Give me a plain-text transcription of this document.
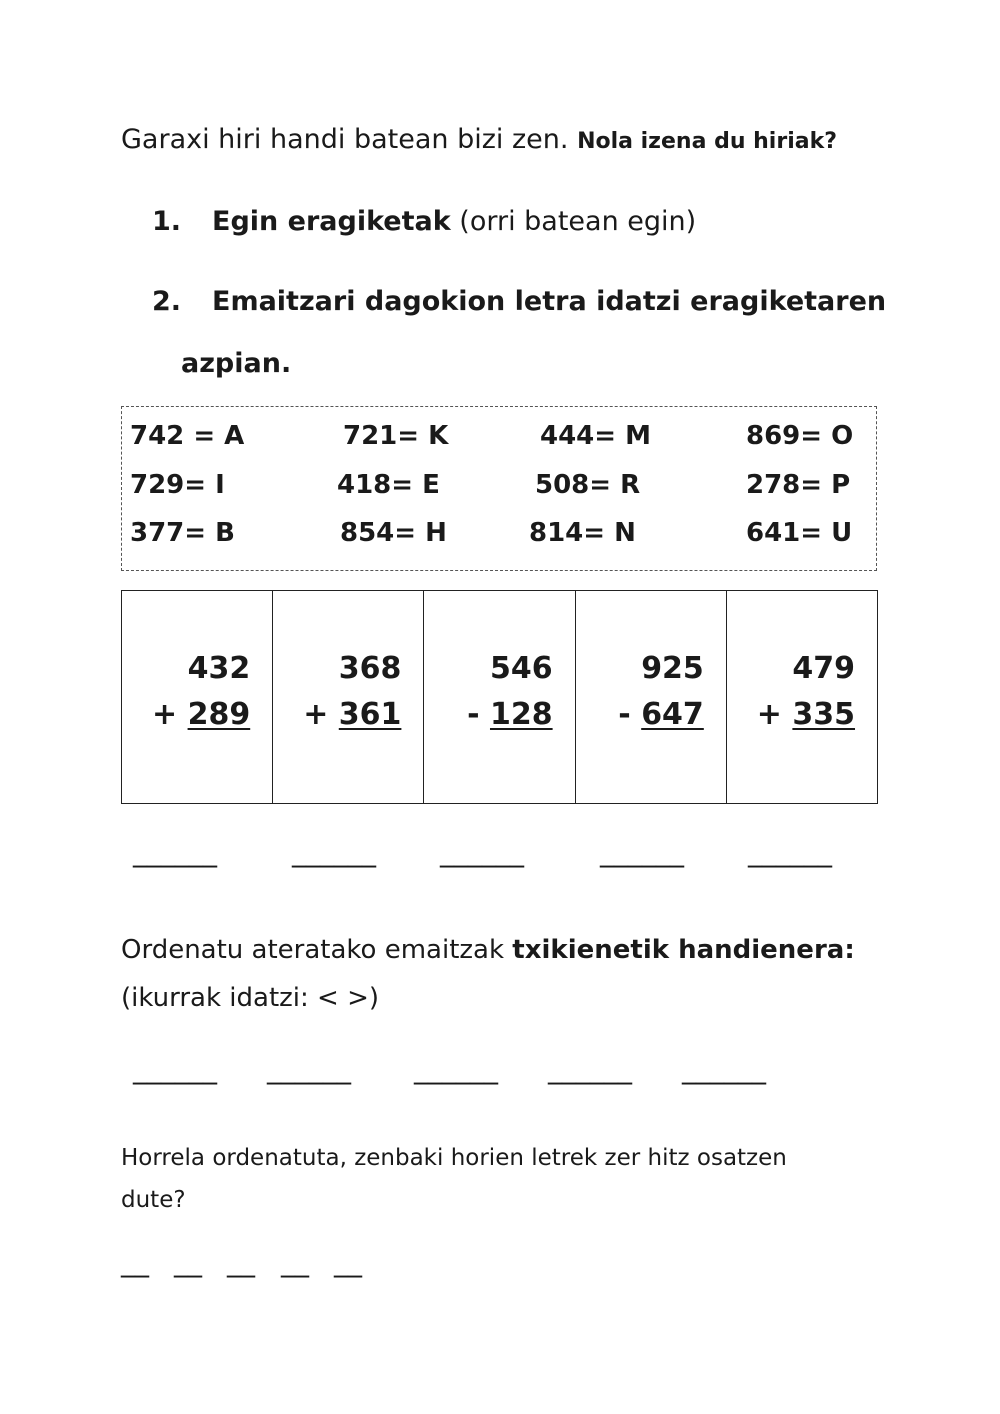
Garaxi hiri handi batean bizi zen. Nola izena du hiriak?
1. Egin eragiketak (orri batean egin)
2. Emaitzari dagokion letra idatzi eragiketaren
azpian.
742 = A	721= K	444= M	869= O
729= I	418= E	508= R	278= P
377= B	854= H	814= N	641= U
432
+ 289
368
+ 361
546
- 128
925
- 647
479
+ 335
______	______ ______	______ ______
Ordenatu ateratako emaitzak txikienetik handienera:
(ikurrak idatzi: < >)
______ ______ ______ ______ ______
Horrela ordenatuta, zenbaki horien letrek zer hitz osatzen
dute?
__ __ __ __ __
